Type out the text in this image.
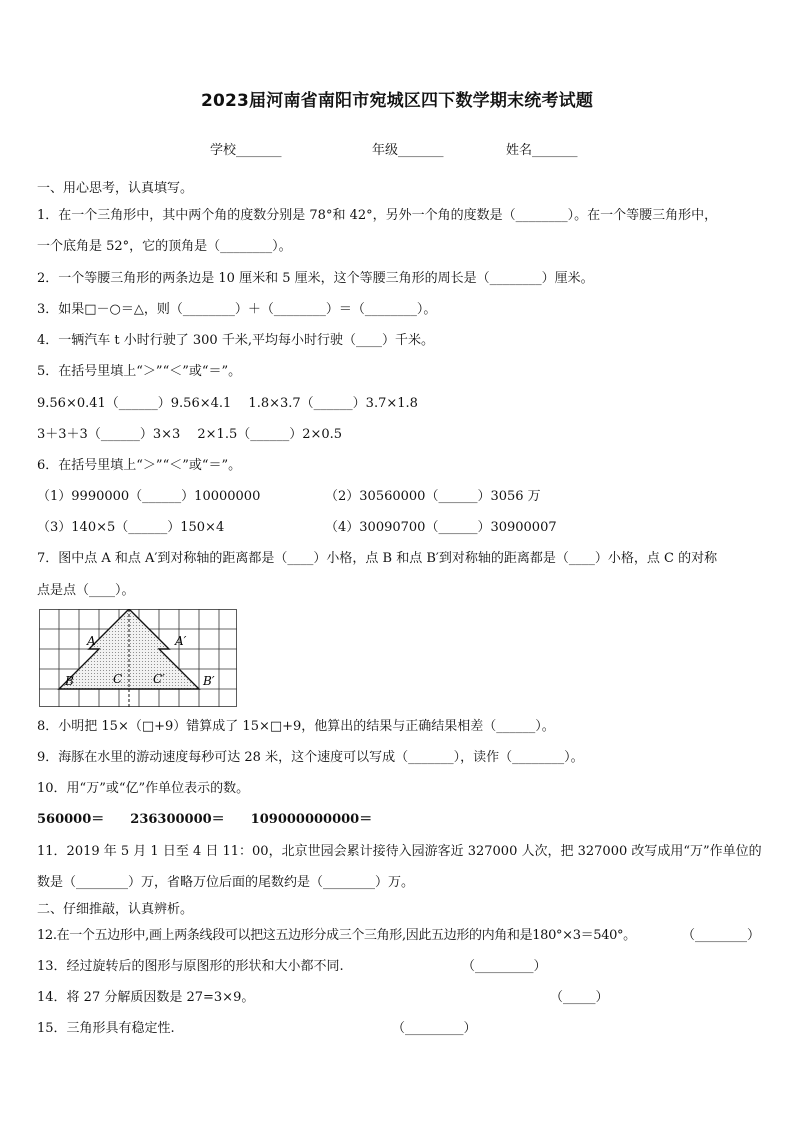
2023届河南省南阳市宛城区四下数学期末统考试题
学校_______	年级_______	姓名_______
一、用心思考，认真填写。
1．在一个三角形中，其中两个角的度数分别是 78°和 42°，另外一个角的度数是（________）。在一个等腰三角形中，
一个底角是 52°，它的顶角是（________）。
2．一个等腰三角形的两条边是 10 厘米和 5 厘米，这个等腰三角形的周长是（________）厘米。
3．如果□－○＝△，则（________）＋（________）＝（________）。
4．一辆汽车 t 小时行驶了 300 千米,平均每小时行驶（____）千米。
5．在括号里填上“＞”“＜”或“＝”。
9.56×0.41（______）9.56×4.1　 1.8×3.7（______）3.7×1.8
3＋3＋3（______）3×3　 2×1.5（______）2×0.5
6．在括号里填上“＞”“＜”或“＝”。
（1）9990000（______）10000000	（2）30560000（______）3056 万
（3）140×5（______）150×4	（4）30090700（______）30900007
7．图中点 A 和点 A′到对称轴的距离都是（____）小格，点 B 和点 B′到对称轴的距离都是（____）小格，点 C 的对称
点是点（____）。
A	A′
B	B′
C	C′
8．小明把 15×（□+9）错算成了 15×□+9，他算出的结果与正确结果相差（______）。
9．海豚在水里的游动速度每秒可达 28 米，这个速度可以写成（_______），读作（________）。
10．用“万”或“亿”作单位表示的数。
560000＝　　236300000＝　　109000000000＝
11．2019 年 5 月 1 日至 4 日 11：00，北京世园会累计接待入园游客近 327000 人次，把 327000 改写成用“万”作单位的
数是（________）万，省略万位后面的尾数约是（________）万。
二、仔细推敲，认真辨析。
12.在一个五边形中,画上两条线段可以把这五边形分成三个三角形,因此五边形的内角和是180°×3＝540°。	（________）
13．经过旋转后的图形与原图形的形状和大小都不同.	（_________）
14．将 27 分解质因数是 27=3×9。	（_____）
15．三角形具有稳定性.	（_________）
